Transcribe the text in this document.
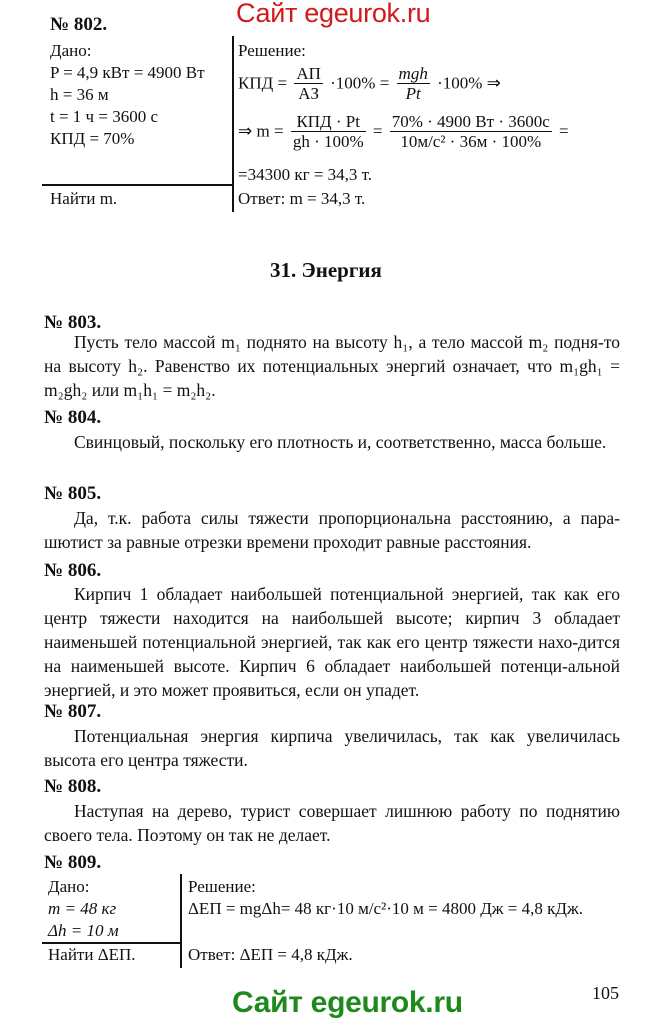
Сайт egeurok.ru
№ 802.
Дано:
P = 4,9 кВт = 4900 Вт
h = 36 м
t = 1 ч = 3600 с
КПД = 70%
Найти m.
Решение:
КПД = $\frac{AП}{AЗ} \cdot 100\% = \frac{\text{mgh}}{Pt} \cdot 100\%$ ⇒
⇒ $m = \frac{\text{КПД · Pt}}{gh \cdot 100\%} = \frac{70\% \cdot 4900 Вт \cdot 3600с}{\text{10м/с² · 36м · 100\%}}$ =
=34300 кг = 34,3 т.
Ответ: m = 34,3 т.
31. Энергия
№ 803.
Пусть тело массой m₁ поднято на высоту h₁, а тело массой m₂ подня-то на высоту h₂. Равенство их потенциальных энергий означает, что m₁gh₁ = m₂gh₂ или m₁h₁ = m₂h₂.
№ 804.
Свинцовый, поскольку его плотность и, соответственно, масса больше.
№ 805.
Да, т.к. работа силы тяжести пропорциональна расстоянию, а пара-шютист за равные отрезки времени проходит равные расстояния.
№ 806.
Кирпич 1 обладает наибольшей потенциальной энергией, так как его центр тяжести находится на наибольшей высоте; кирпич 3 обладает наименьшей потенциальной энергией, так как его центр тяжести нахо-дится на наименьшей высоте. Кирпич 6 обладает наибольшей потенци-альной энергией, и это может проявиться, если он упадет.
№ 807.
Потенциальная энергия кирпича увеличилась, так как увеличилась высота его центра тяжести.
№ 808.
Наступая на дерево, турист совершает лишнюю работу по поднятию своего тела. Поэтому он так не делает.
№ 809.
Дано:
m = 48 кг
Δh = 10 м
Найти ΔEП.
Решение:
ΔEП = mgΔh= 48 кг·10 м/с²·10 м = 4800 Дж = 4,8 кДж.
Ответ: ΔEП = 4,8 кДж.
105
Сайт egeurok.ru
